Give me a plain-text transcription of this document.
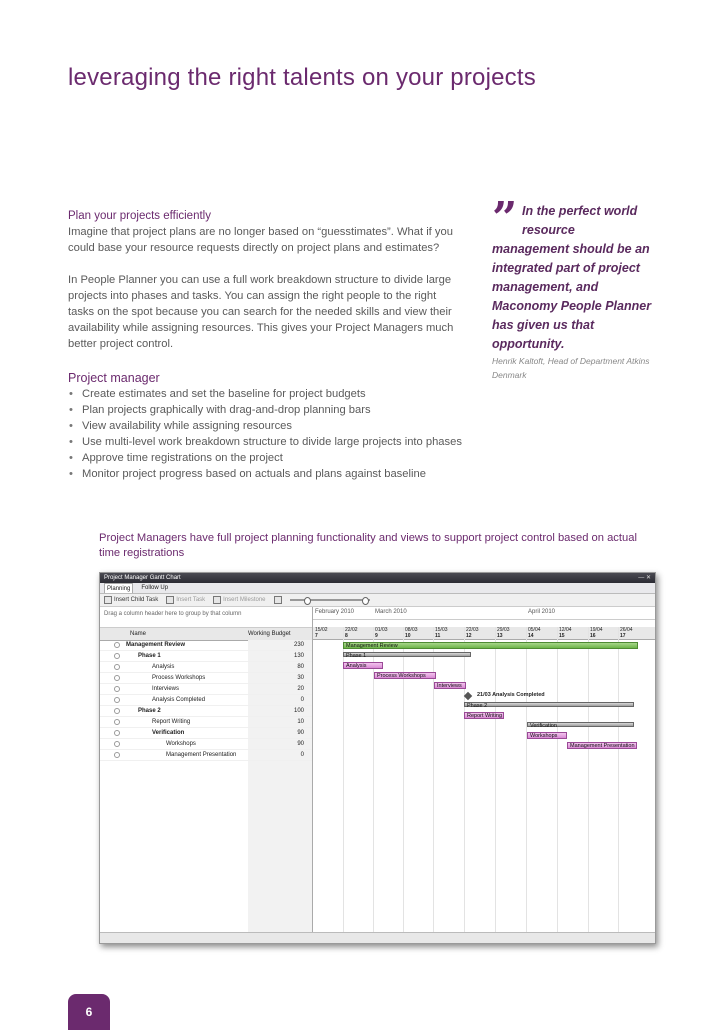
leveraging the right talents on your projects
Plan your projects efficiently

Imagine that project plans are no longer based on “guesstimates”. What if you could base your resource requests directly on project plans and estimates?

In People Planner you can use a full work breakdown structure to divide large projects into phases and tasks. You can assign the right people to the right tasks on the spot because you can search for the needed skills and view their availability while assigning resources. This gives your Project Managers much better project control.

Project manager
• Create estimates and set the baseline for project budgets
• Plan projects graphically with drag-and-drop planning bars
• View availability while assigning resources
• Use multi-level work breakdown structure to divide large projects into phases
• Approve time registrations on the project
• Monitor project progress based on actuals and plans against baseline
” In the perfect world resource
management should be an integrated part of project management, and Maconomy People Planner has given us that opportunity.
Henrik Kaltoft, Head of Department Atkins Denmark
Project Managers have full project planning functionality and views to support project control based on actual time registrations
Project Manager Gantt Chart	— ✕
Planning	Follow Up
Insert Child Task	Insert Task	Insert Milestone
Drag a column header here to group by that column
Name	Working Budget
Management Review	230
Phase 1	130
Analysis	80
Process Workshops	30
Interviews	20
Analysis Completed	0
Phase 2	100
Report Writing	10
Verification	90
Workshops	90
Management Presentation	0
February 2010	March 2010	April 2010
15/02
7
22/02
8
01/03
9
08/03
10
15/03
11
22/03
12
29/03
13
05/04
14
12/04
15
19/04
16
26/04
17
Management Review
Phase 1
Analysis
Process Workshops
Interviews
21/03 Analysis Completed
Phase 2
Report Writing
Verification
Workshops
Management Presentation
6
